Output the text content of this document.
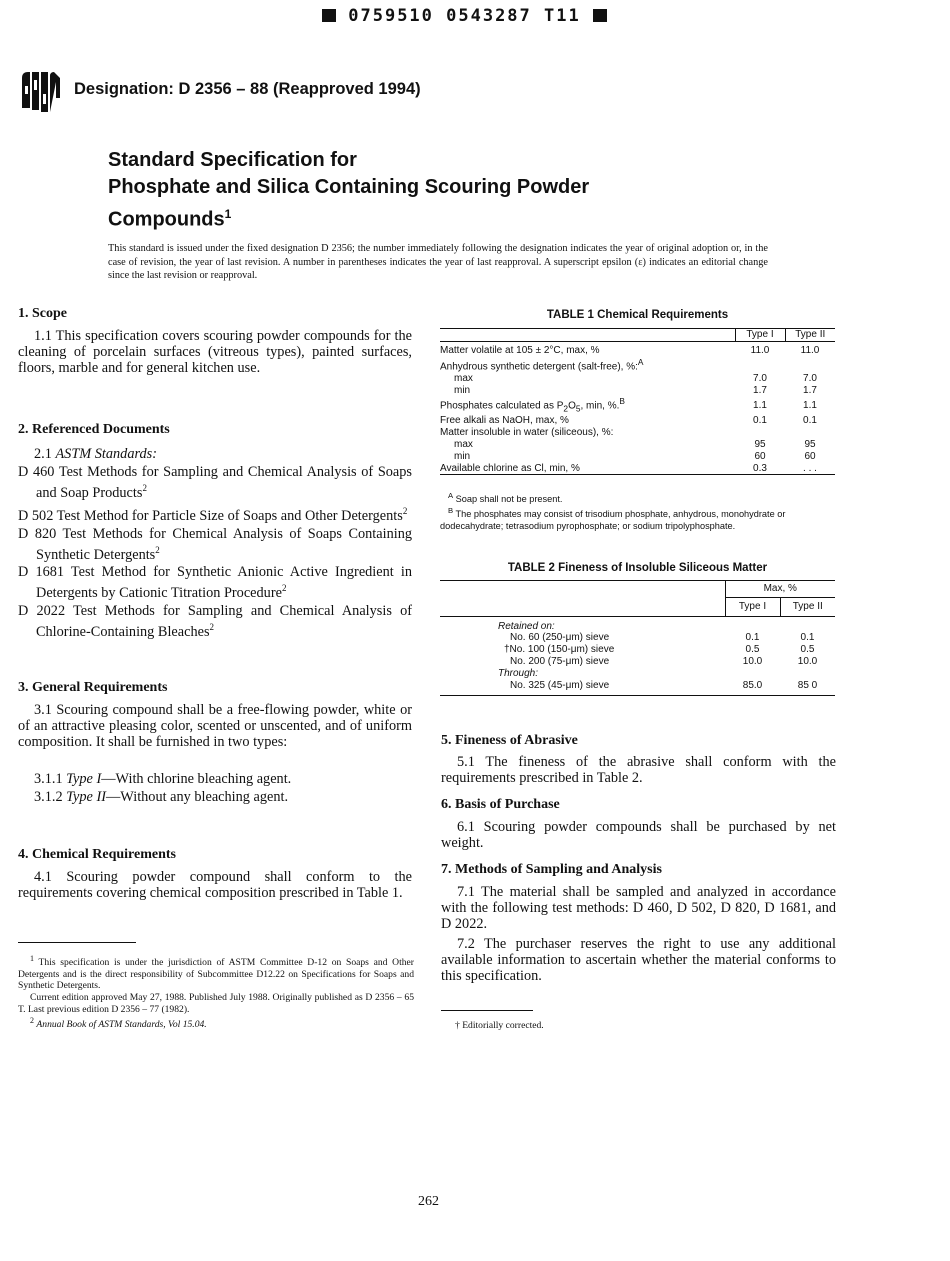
0759510 0543287 T11
Designation: D 2356 – 88 (Reapproved 1994)
Standard Specification for
Phosphate and Silica Containing Scouring Powder
Compounds$^1$
This standard is issued under the fixed designation D 2356; the number immediately following the designation indicates the year of original adoption or, in the case of revision, the year of last revision. A number in parentheses indicates the year of last reapproval. A superscript epsilon (ε) indicates an editorial change since the last revision or reapproval.
1. Scope
1.1 This specification covers scouring powder compounds for the cleaning of porcelain surfaces (vitreous types), painted surfaces, floors, marble and for general kitchen use.
2. Referenced Documents
2.1 ASTM Standards:
D 460 Test Methods for Sampling and Chemical Analysis of Soaps and Soap Products$^2$
D 502 Test Method for Particle Size of Soaps and Other Detergents$^2$
D 820 Test Methods for Chemical Analysis of Soaps Containing Synthetic Detergents$^2$
D 1681 Test Method for Synthetic Anionic Active Ingredient in Detergents by Cationic Titration Procedure$^2$
D 2022 Test Methods for Sampling and Chemical Analysis of Chlorine-Containing Bleaches$^2$
3. General Requirements
3.1 Scouring compound shall be a free-flowing powder, white or of an attractive pleasing color, scented or unscented, and of uniform composition. It shall be furnished in two types:
3.1.1 Type I—With chlorine bleaching agent.
3.1.2 Type II—Without any bleaching agent.
4. Chemical Requirements
4.1 Scouring powder compound shall conform to the requirements covering chemical composition prescribed in Table 1.

$^1$ This specification is under the jurisdiction of ASTM Committee D-12 on Soaps and Other Detergents and is the direct responsibility of Subcommittee D12.22 on Specifications for Soaps and Synthetic Detergents.

Current edition approved May 27, 1988. Published July 1988. Originally published as D 2356 – 65 T. Last previous edition D 2356 – 77 (1982).

$^2$ Annual Book of ASTM Standards, Vol 15.04.

TABLE 1 Chemical Requirements
	Type I	Type II
Matter volatile at 105 ± 2°C, max, %	11.0	11.0
Anhydrous synthetic detergent (salt-free), %:$^A$		
max	7.0	7.0
min	1.7	1.7
Phosphates calculated as $P_2O_5$, min, %.$^B$	1.1	1.1
Free alkali as NaOH, max, %	0.1	0.1
Matter insoluble in water (siliceous), %:		
max	95	95
min	60	60
Available chlorine as Cl, min, %	0.3	. . .

$^A$ Soap shall not be present.

$^B$ The phosphates may consist of trisodium phosphate, anhydrous, monohydrate or dodecahydrate; tetrasodium pyrophosphate; or sodium tripolyphosphate.

TABLE 2 Fineness of Insoluble Siliceous Matter
	Max, %	
	Type I	Type II
Retained on:		
No. 60 (250-μm) sieve	0.1	0.1
†No. 100 (150-μm) sieve	0.5	0.5
No. 200 (75-μm) sieve	10.0	10.0
Through:		
No. 325 (45-μm) sieve	85.0	85 0
5. Fineness of Abrasive
5.1 The fineness of the abrasive shall conform with the requirements prescribed in Table 2.
6. Basis of Purchase
6.1 Scouring powder compounds shall be purchased by net weight.
7. Methods of Sampling and Analysis
7.1 The material shall be sampled and analyzed in accordance with the following test methods: D 460, D 502, D 820, D 1681, and D 2022.
7.2 The purchaser reserves the right to use any additional available information to ascertain whether the material conforms to this specification.
† Editorially corrected.
262
